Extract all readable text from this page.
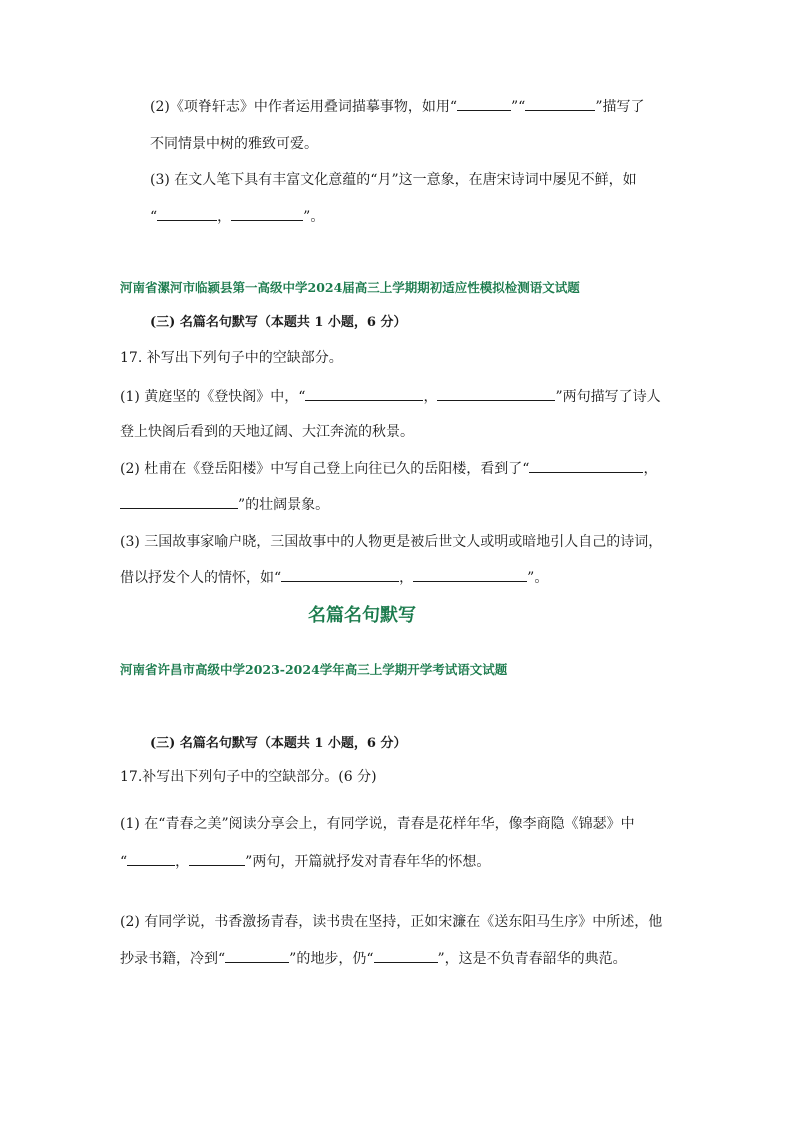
(2)《项脊轩志》中作者运用叠词描摹事物，如用“	”“	”描写了
不同情景中树的雅致可爱。
(3) 在文人笔下具有丰富文化意蕴的“月”这一意象，在唐宋诗词中屡见不鲜，如
“	，	”。
河南省漯河市临颍县第一高级中学2024届高三上学期期初适应性模拟检测语文试题
(三) 名篇名句默写（本题共 1 小题，6 分）
17. 补写出下列句子中的空缺部分。
(1) 黄庭坚的《登快阁》中，“	，	”两句描写了诗人
登上快阁后看到的天地辽阔、大江奔流的秋景。
(2) 杜甫在《登岳阳楼》中写自己登上向往已久的岳阳楼，看到了“	，
”的壮阔景象。
(3) 三国故事家喻户晓，三国故事中的人物更是被后世文人或明或暗地引人自己的诗词，
借以抒发个人的情怀，如“	，	”。
名篇名句默写
河南省许昌市高级中学2023-2024学年高三上学期开学考试语文试题
(三) 名篇名句默写（本题共 1 小题，6 分）
17.补写出下列句子中的空缺部分。(6 分)
(1) 在“青春之美”阅读分享会上，有同学说，青春是花样年华，像李商隐《锦瑟》中
“	，	”两句，开篇就抒发对青春年华的怀想。
(2) 有同学说，书香激扬青春，读书贵在坚持，正如宋濂在《送东阳马生序》中所述，他
抄录书籍，冷到“	”的地步，仍“	”，这是不负青春韶华的典范。
